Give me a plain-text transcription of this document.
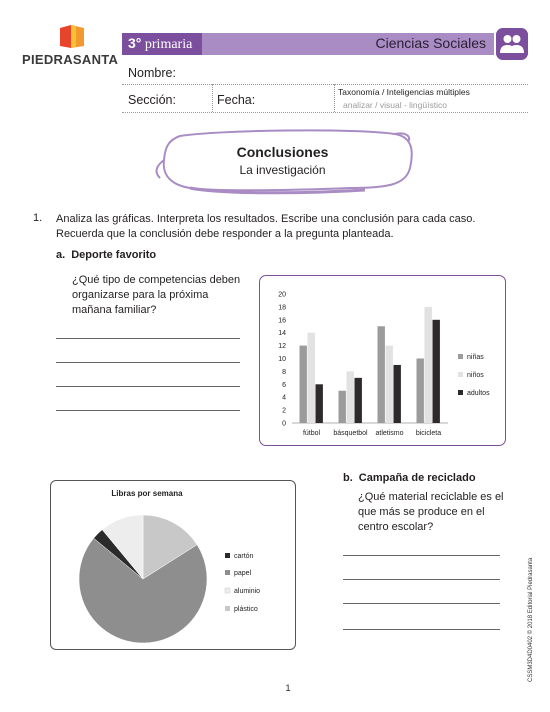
PIEDRASANTA
3° primaria	Ciencias Sociales
Nombre:
Sección:	Fecha:
Taxonomía / Inteligencias múltiples
analizar / visual - lingüístico
Conclusiones
La investigación
1. Analiza las gráficas. Interpreta los resultados. Escribe una conclusión para cada caso. Recuerda que la conclusión debe responder a la pregunta planteada.
a. Deporte favorito
¿Qué tipo de competencias deben organizarse para la próxima mañana familiar?
0
2
4
6
8
10
12
14
16
18
20
fútbol básquetbol atletismo bicicleta
niñas
niños
adultos
Libras por semana
cartón
papel
aluminio
plástico
b. Campaña de reciclado
¿Qué material reciclable es el que más se produce en el centro escolar?
CSSM3D4D0402 © 2018 Editorial Piedrasanta
1
